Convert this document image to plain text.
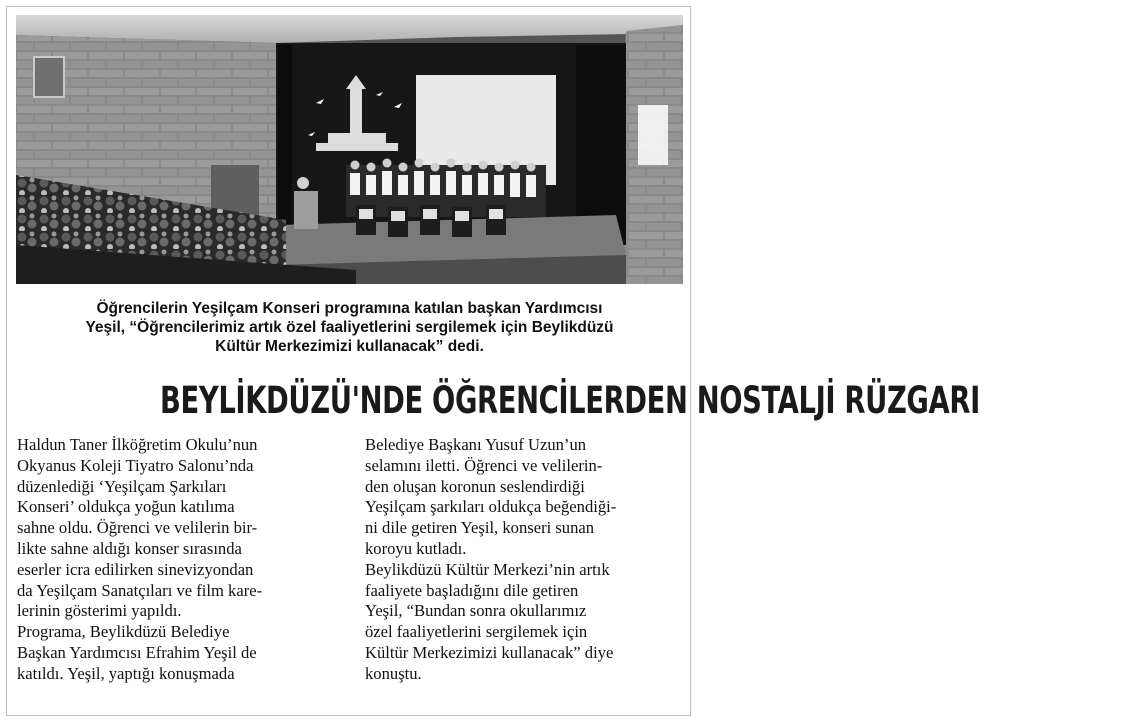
Öğrencilerin Yeşilçam Konseri programına katılan başkan Yardımcısı
Yeşil, “Öğrencilerimiz artık özel faaliyetlerini sergilemek için Beylikdüzü
Kültür Merkezimizi kullanacak” dedi.
BEYLİKDÜZÜ'NDE ÖĞRENCİLERDEN NOSTALJİ RÜZGARI

Haldun Taner İlköğretim Okulu’nun

Okyanus Koleji Tiyatro Salonu’nda

düzenlediği ‘Yeşilçam Şarkıları

Konseri’ oldukça yoğun katılıma

sahne oldu. Öğrenci ve velilerin bir-

likte sahne aldığı konser sırasında

eserler icra edilirken sinevizyondan

da Yeşilçam Sanatçıları ve film kare-

lerinin gösterimi yapıldı.

Programa, Beylikdüzü Belediye

Başkan Yardımcısı Efrahim Yeşil de

katıldı. Yeşil, yaptığı konuşmada

Belediye Başkanı Yusuf Uzun’un

selamını iletti. Öğrenci ve velilerin-

den oluşan koronun seslendirdiği

Yeşilçam şarkıları oldukça beğendiği-

ni dile getiren Yeşil, konseri sunan

koroyu kutladı.

Beylikdüzü Kültür Merkezi’nin artık

faaliyete başladığını dile getiren

Yeşil, “Bundan sonra okullarımız

özel faaliyetlerini sergilemek için

Kültür Merkezimizi kullanacak” diye

konuştu.
